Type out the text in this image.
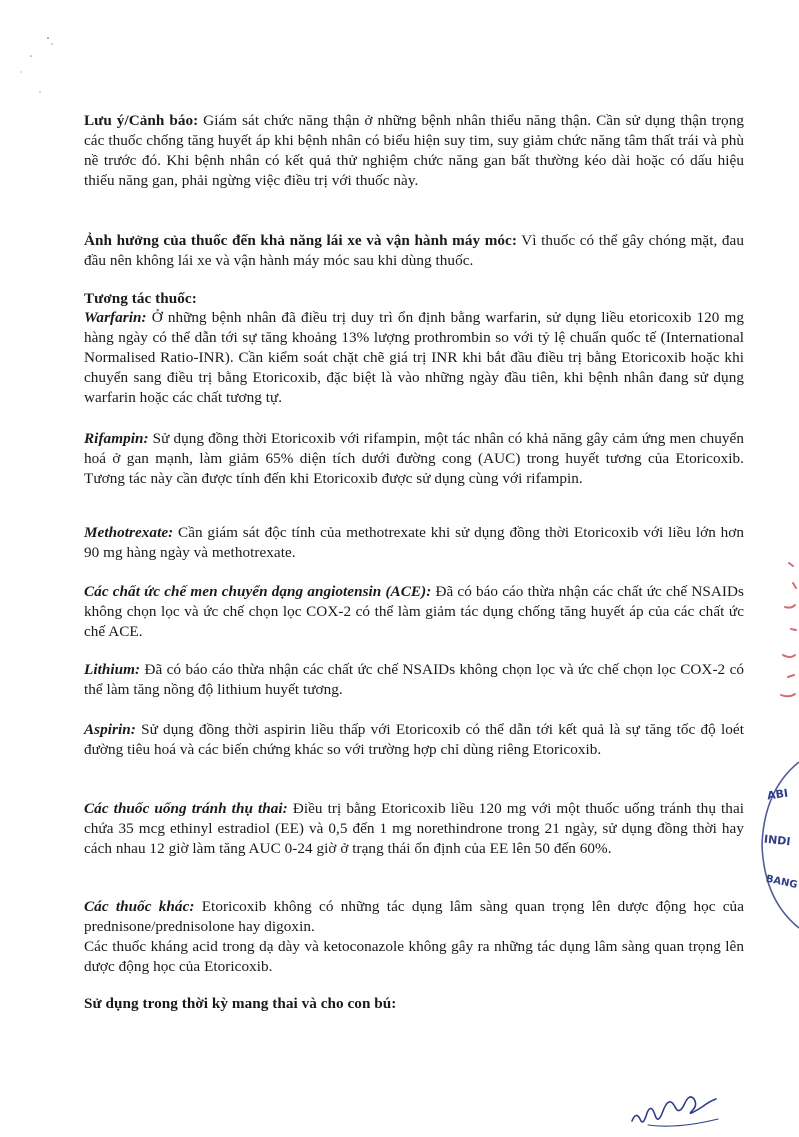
Lưu ý/Cảnh báo: Giám sát chức năng thận ở những bệnh nhân thiểu năng thận. Cần sử dụng thận trọng các thuốc chống tăng huyết áp khi bệnh nhân có biểu hiện suy tim, suy giảm chức năng tâm thất trái và phù nề trước đó. Khi bệnh nhân có kết quả thử nghiệm chức năng gan bất thường kéo dài hoặc có dấu hiệu thiểu năng gan, phải ngừng việc điều trị với thuốc này.
Ảnh hưởng của thuốc đến khả năng lái xe và vận hành máy móc: Vì thuốc có thể gây chóng mặt, đau đầu nên không lái xe và vận hành máy móc sau khi dùng thuốc.
Tương tác thuốc:
Warfarin: Ở những bệnh nhân đã điều trị duy trì ổn định bằng warfarin, sử dụng liều etoricoxib 120 mg hàng ngày có thể dẫn tới sự tăng khoảng 13% lượng prothrombin so với tỷ lệ chuẩn quốc tế (International Normalised Ratio-INR). Cần kiểm soát chặt chẽ giá trị INR khi bắt đầu điều trị bằng Etoricoxib hoặc khi chuyển sang điều trị bằng Etoricoxib, đặc biệt là vào những ngày đầu tiên, khi bệnh nhân đang sử dụng warfarin hoặc các chất tương tự.
Rifampin: Sử dụng đồng thời Etoricoxib với rifampin, một tác nhân có khả năng gây cảm ứng men chuyển hoá ở gan mạnh, làm giảm 65% diện tích dưới đường cong (AUC) trong huyết tương của Etoricoxib. Tương tác này cần được tính đến khi Etoricoxib được sử dụng cùng với rifampin.
Methotrexate: Cần giám sát độc tính của methotrexate khi sử dụng đồng thời Etoricoxib với liều lớn hơn 90 mg hàng ngày và methotrexate.
Các chất ức chế men chuyển dạng angiotensin (ACE): Đã có báo cáo thừa nhận các chất ức chế NSAIDs không chọn lọc và ức chế chọn lọc COX-2 có thể làm giảm tác dụng chống tăng huyết áp của các chất ức chế ACE.
Lithium: Đã có báo cáo thừa nhận các chất ức chế NSAIDs không chọn lọc và ức chế chọn lọc COX-2 có thể làm tăng nồng độ lithium huyết tương.
Aspirin: Sử dụng đồng thời aspirin liều thấp với Etoricoxib có thể dẫn tới kết quả là sự tăng tốc độ loét đường tiêu hoá và các biến chứng khác so với trường hợp chỉ dùng riêng Etoricoxib.
Các thuốc uống tránh thụ thai: Điều trị bằng Etoricoxib liều 120 mg với một thuốc uống tránh thụ thai chứa 35 mcg ethinyl estradiol (EE) và 0,5 đến 1 mg norethindrone trong 21 ngày, sử dụng đồng thời hay cách nhau 12 giờ làm tăng AUC 0-24 giờ ở trạng thái ổn định của EE lên 50 đến 60%.
Các thuốc khác: Etoricoxib không có những tác dụng lâm sàng quan trọng lên dược động học của prednisone/prednisolone hay digoxin.
Các thuốc kháng acid trong dạ dày và ketoconazole không gây ra những tác dụng lâm sàng quan trọng lên dược động học của Etoricoxib.
Sử dụng trong thời kỳ mang thai và cho con bú:
ABI
INDI
BANG
